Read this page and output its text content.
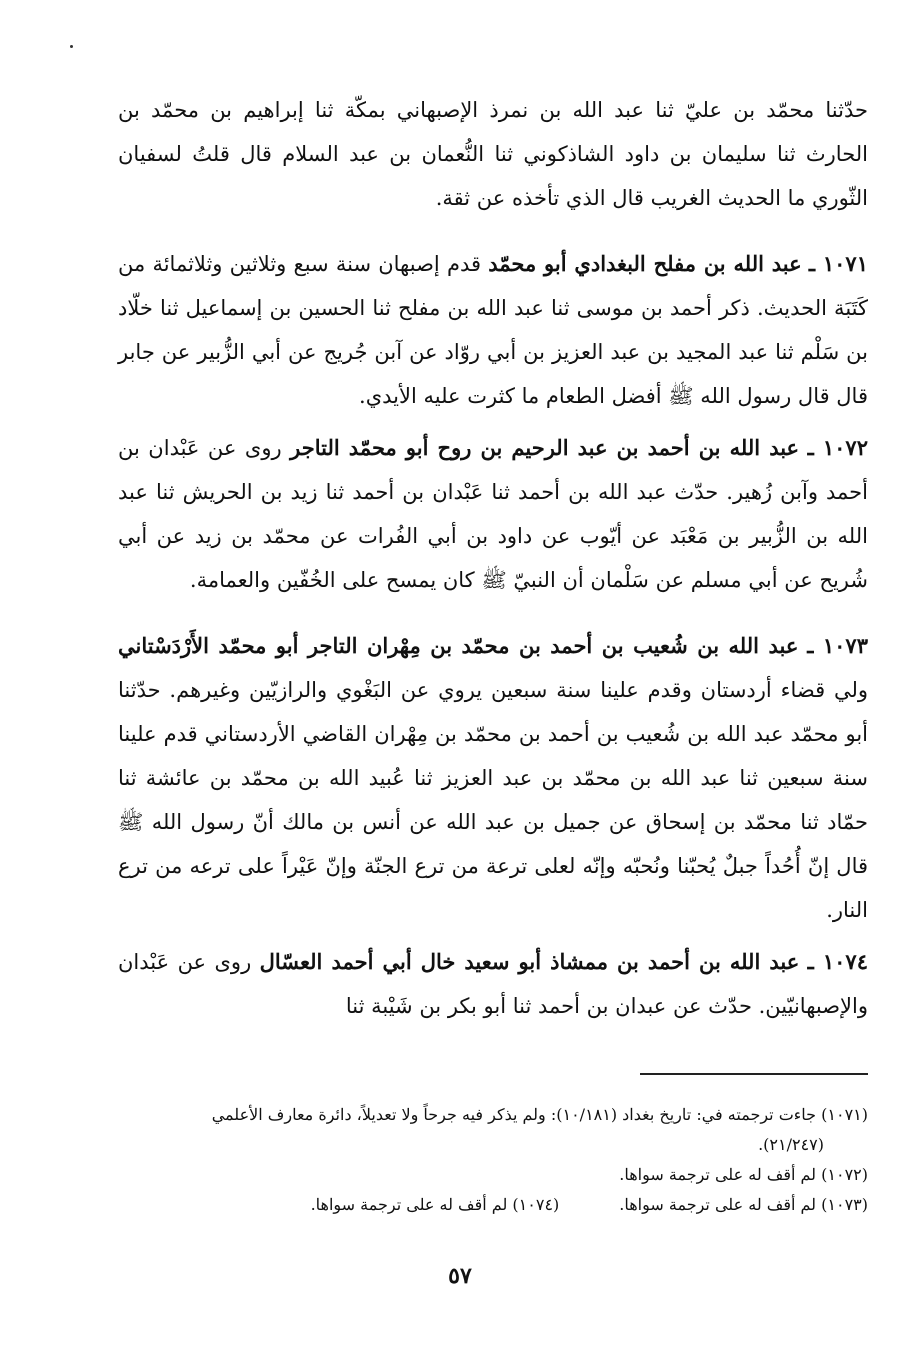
حدّثنا محمّد بن عليّ ثنا عبد الله بن نمرذ الإصبهاني بمكّة ثنا إبراهيم بن محمّد بن الحارث ثنا سليمان بن داود الشاذكوني ثنا النُّعمان بن عبد السلام قال قلتُ لسفيان الثّوري ما الحديث الغريب قال الذي تأخذه عن ثقة.

١٠٧١ ـ عبد الله بن مفلح البغدادي أبو محمّد قدم إصبهان سنة سبع وثلاثين وثلاثمائة من كَتَبَة الحديث. ذكر أحمد بن موسى ثنا عبد الله بن مفلح ثنا الحسين بن إسماعيل ثنا خلّاد بن سَلْم ثنا عبد المجيد بن عبد العزيز بن أبي روّاد عن آبن جُريج عن أبي الزُّبير عن جابر قال قال رسول الله ﷺ أفضل الطعام ما كثرت عليه الأيدي.

١٠٧٢ ـ عبد الله بن أحمد بن عبد الرحيم بن روح أبو محمّد التاجر روى عن عَبْدان بن أحمد وآبن زُهير. حدّث عبد الله بن أحمد ثنا عَبْدان بن أحمد ثنا زيد بن الحريش ثنا عبد الله بن الزُّبير بن مَعْبَد عن أيّوب عن داود بن أبي الفُرات عن محمّد بن زيد عن أبي شُريح عن أبي مسلم عن سَلْمان أن النبيّ ﷺ كان يمسح على الخُفّين والعمامة.

١٠٧٣ ـ عبد الله بن شُعيب بن أحمد بن محمّد بن مِهْران التاجر أبو محمّد الأَرْدَسْتاني ولي قضاء أردستان وقدم علينا سنة سبعين يروي عن البَغْوي والرازيّين وغيرهم. حدّثنا أبو محمّد عبد الله بن شُعيب بن أحمد بن محمّد بن مِهْران القاضي الأردستاني قدم علينا سنة سبعين ثنا عبد الله بن محمّد بن عبد العزيز ثنا عُبيد الله بن محمّد بن عائشة ثنا حمّاد ثنا محمّد بن إسحاق عن جميل بن عبد الله عن أنس بن مالك أنّ رسول الله ﷺ قال إنّ أُحُداً جبلٌ يُحبّنا ونُحبّه وإنّه لعلى ترعة من ترع الجنّة وإنّ عَيْراً على ترعه من ترع النار.

١٠٧٤ ـ عبد الله بن أحمد بن ممشاذ أبو سعيد خال أبي أحمد العسّال روى عن عَبْدان والإصبهانيّين. حدّث عن عبدان بن أحمد ثنا أبو بكر بن شَيْبة ثنا

(١٠٧١) جاءت ترجمته في: تاريخ بغداد (١٠/١٨١): ولم يذكر فيه جرحاً ولا تعديلاً، دائرة معارف الأعلمي

(٢١/٢٤٧).

(١٠٧٢) لم أقف له على ترجمة سواها.

(١٠٧٣) لم أقف له على ترجمة سواها.
(١٠٧٤) لم أقف له على ترجمة سواها.
٥٧
